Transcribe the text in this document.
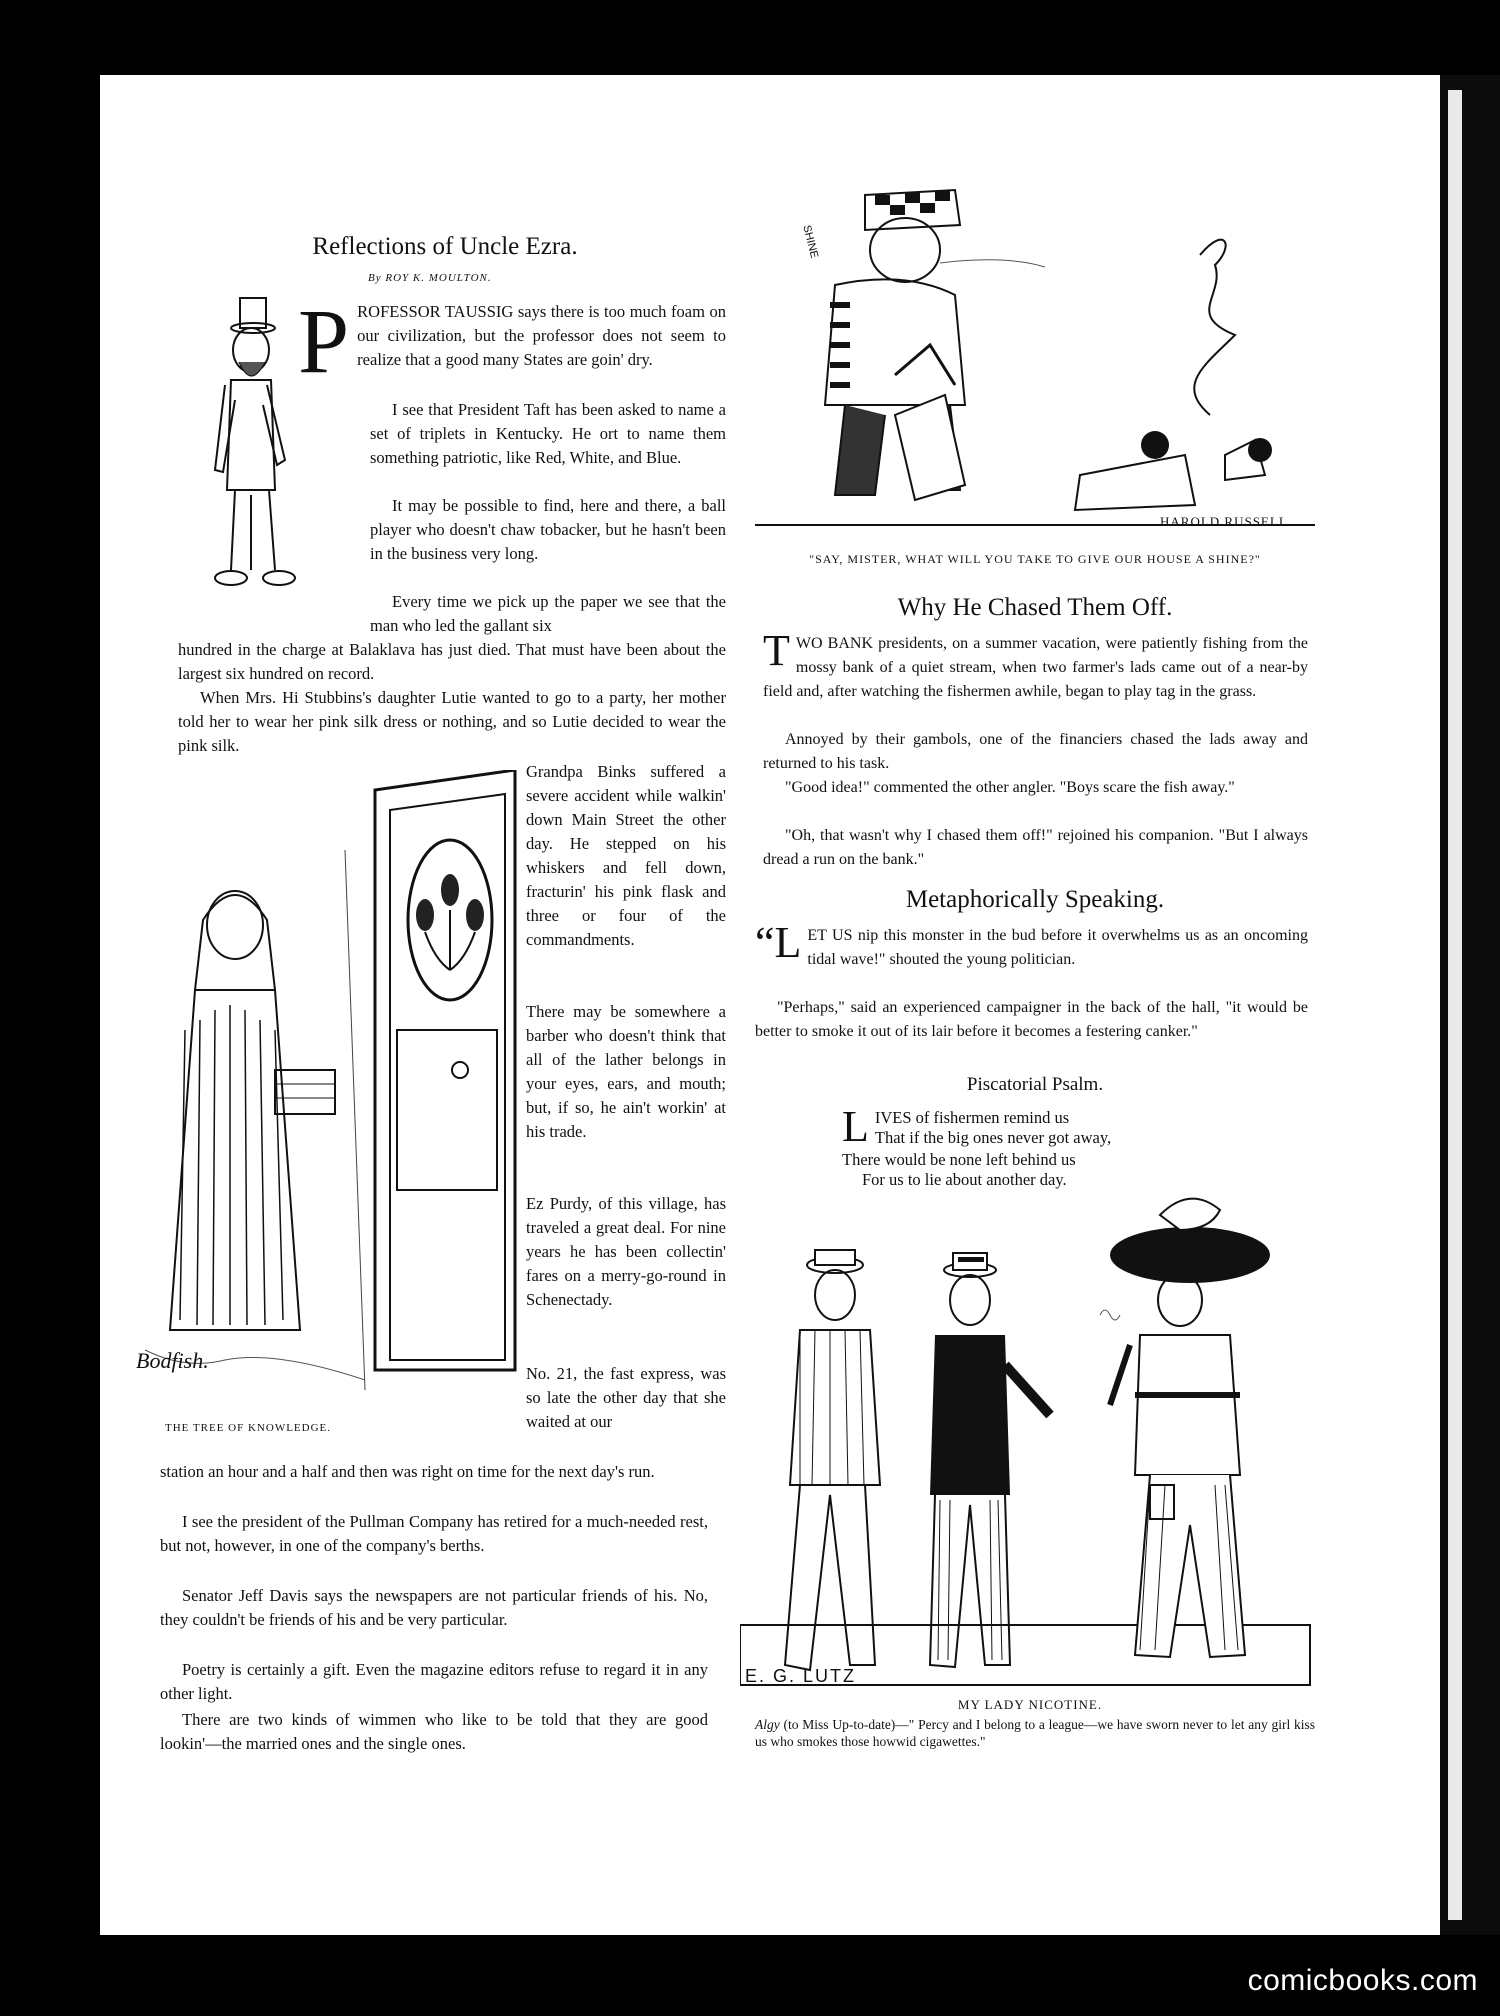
comicbooks.com
Reflections of Uncle Ezra.
By ROY K. MOULTON.
P ROFESSOR TAUSSIG says there is too much foam on our civilization, but the professor does not seem to realize that a good many States are goin' dry.

I see that President Taft has been asked to name a set of triplets in Kentucky. He ort to name them something patriotic, like Red, White, and Blue.

It may be possible to find, here and there, a ball player who doesn't chaw tobacker, but he hasn't been in the business very long.

Every time we pick up the paper we see that the man who led the gallant six

hundred in the charge at Balaklava has just died. That must have been about the largest six hundred on record.

When Mrs. Hi Stubbins's daughter Lutie wanted to go to a party, her mother told her to wear her pink silk dress or nothing, and so Lutie decided to wear the pink silk.

Bodfish.
THE TREE OF KNOWLEDGE.

Grandpa Binks suffered a severe accident while walkin' down Main Street the other day. He stepped on his whiskers and fell down, fracturin' his pink flask and three or four of the commandments.

There may be somewhere a barber who doesn't think that all of the lather belongs in your eyes, ears, and mouth; but, if so, he ain't workin' at his trade.

Ez Purdy, of this village, has traveled a great deal. For nine years he has been collectin' fares on a merry-go-round in Schenectady.

No. 21, the fast express, was so late the other day that she waited at our

station an hour and a half and then was right on time for the next day's run.

I see the president of the Pullman Company has retired for a much-needed rest, but not, however, in one of the company's berths.

Senator Jeff Davis says the newspapers are not particular friends of his. No, they couldn't be friends of his and be very particular.

Poetry is certainly a gift. Even the magazine editors refuse to regard it in any other light.

There are two kinds of wimmen who like to be told that they are good lookin'—the married ones and the single ones.

SHINE
HAROLD RUSSELL
"SAY, MISTER, WHAT WILL YOU TAKE TO GIVE OUR HOUSE A SHINE?"
Why He Chased Them Off.
T WO BANK presidents, on a summer vacation, were patiently fishing from the mossy bank of a quiet stream, when two farmer's lads came out of a near-by field and, after watching the fishermen awhile, began to play tag in the grass.

Annoyed by their gambols, one of the financiers chased the lads away and returned to his task.

"Good idea!" commented the other angler. "Boys scare the fish away."

"Oh, that wasn't why I chased them off!" rejoined his companion. "But I always dread a run on the bank."

Metaphorically Speaking.
“L ET US nip this monster in the bud before it overwhelms us as an oncoming tidal wave!" shouted the young politician.

"Perhaps," said an experienced campaigner in the back of the hall, "it would be better to smoke it out of its lair before it becomes a festering canker."

Piscatorial Psalm.
L IVES of fishermen remind us
That if the big ones never got away,
There would be none left behind us
For us to lie about another day.
E. G. LUTZ
MY LADY NICOTINE.
Algy (to Miss Up-to-date)—" Percy and I belong to a league—we have sworn never to let any girl kiss us who smokes those howwid cigawettes."
